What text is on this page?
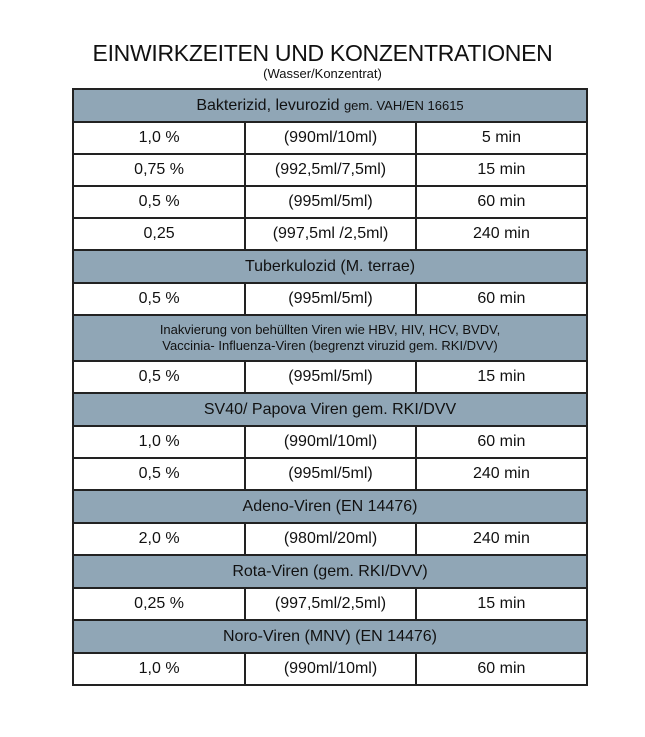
EINWIRKZEITEN UND KONZENTRATIONEN
(Wasser/Konzentrat)
Bakterizid, levurozid gem. VAH/EN 16615		
1,0 %	(990ml/10ml)	5 min
0,75 %	(992,5ml/7,5ml)	15 min
0,5 %	(995ml/5ml)	60 min
0,25	(997,5ml /2,5ml)	240 min
Tuberkulozid (M. terrae)		
0,5 %	(995ml/5ml)	60 min
Inakvierung von behüllten Viren wie HBV, HIV, HCV, BVDV,
Vaccinia- Influenza-Viren (begrenzt viruzid gem. RKI/DVV)		
0,5 %	(995ml/5ml)	15 min
SV40/ Papova Viren gem. RKI/DVV		
1,0 %	(990ml/10ml)	60 min
0,5 %	(995ml/5ml)	240 min
Adeno-Viren (EN 14476)		
2,0 %	(980ml/20ml)	240 min
Rota-Viren (gem. RKI/DVV)		
0,25 %	(997,5ml/2,5ml)	15 min
Noro-Viren (MNV) (EN 14476)		
1,0 %	(990ml/10ml)	60 min
